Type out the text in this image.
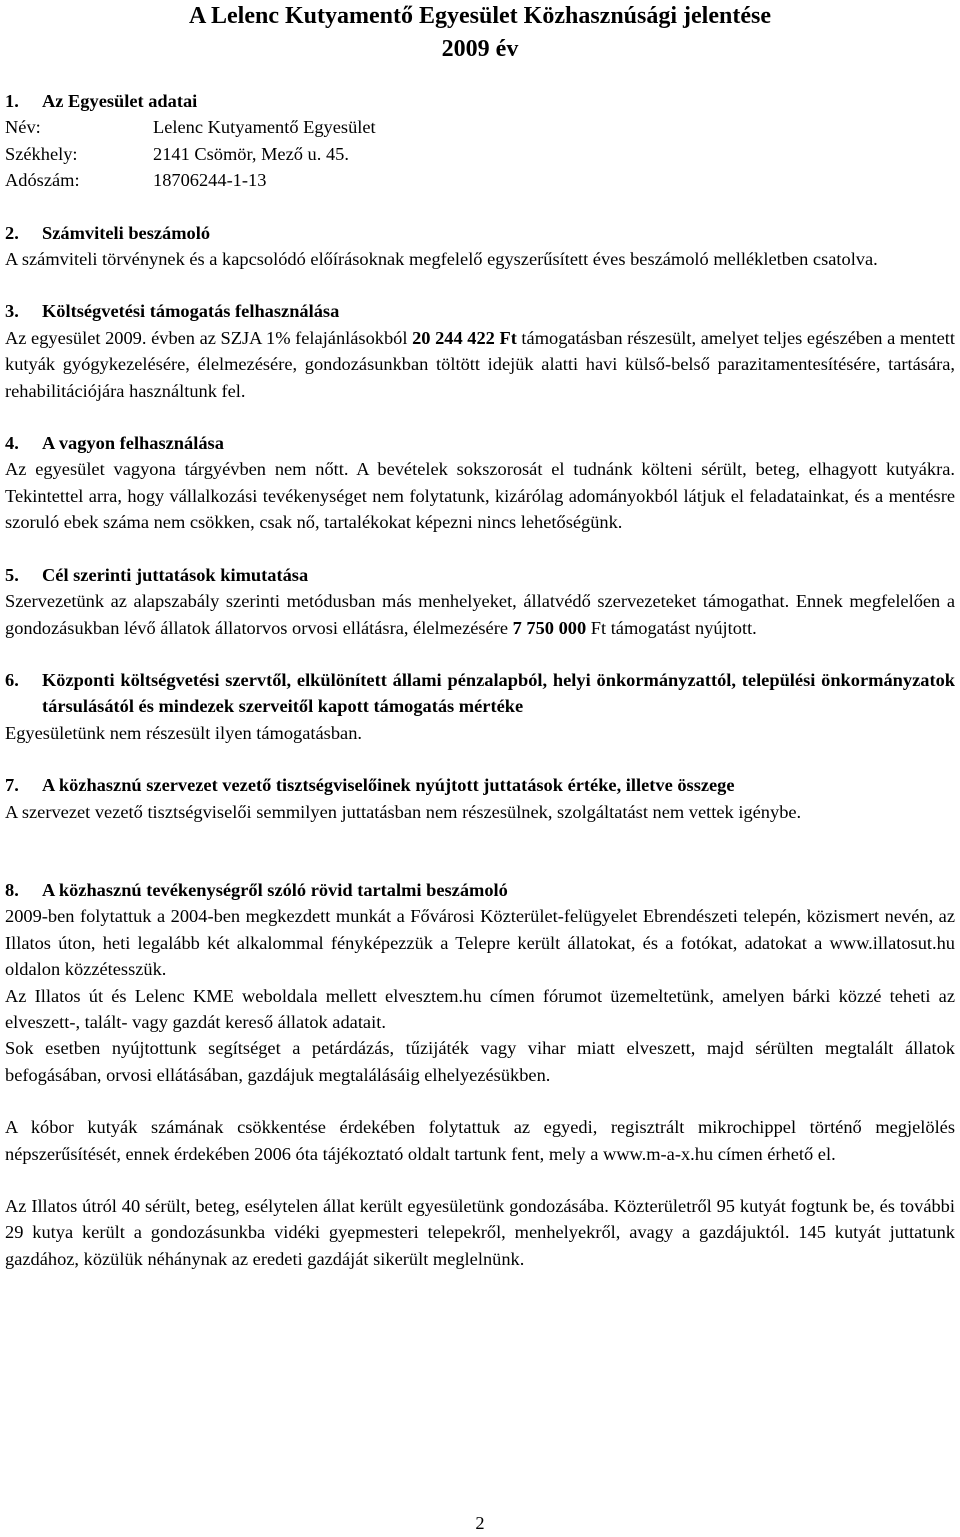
A Lelenc Kutyamentő Egyesület Közhasznúsági jelentése
2009 év
1.	Az Egyesület adatai
Név:	Lelenc Kutyamentő Egyesület
Székhely:	2141 Csömör, Mező u. 45.
Adószám:	18706244-1-13
2.	Számviteli beszámoló

A számviteli törvénynek és a kapcsolódó előírásoknak megfelelő egyszerűsített éves beszámoló mellékletben csatolva.

3.	Költségvetési támogatás felhasználása

Az egyesület 2009. évben az SZJA 1% felajánlásokból 20 244 422 Ft támogatásban részesült, amelyet teljes egészében a mentett kutyák gyógykezelésére, élelmezésére, gondozásunkban töltött idejük alatti havi külső-belső parazitamentesítésére, tartására, rehabilitációjára használtunk fel.

4.	A vagyon felhasználása

Az egyesület vagyona tárgyévben nem nőtt. A bevételek sokszorosát el tudnánk költeni sérült, beteg, elhagyott kutyákra. Tekintettel arra, hogy vállalkozási tevékenységet nem folytatunk, kizárólag adományokból látjuk el feladatainkat, és a mentésre szoruló ebek száma nem csökken, csak nő, tartalékokat képezni nincs lehetőségünk.

5.	Cél szerinti juttatások kimutatása

Szervezetünk az alapszabály szerinti metódusban más menhelyeket, állatvédő szervezeteket támogathat. Ennek megfelelően a gondozásukban lévő állatok állatorvos orvosi ellátásra, élelmezésére 7 750 000 Ft támogatást nyújtott.

6.	Központi költségvetési szervtől, elkülönített állami pénzalapból, helyi önkormányzattól, települési önkormányzatok társulásától és mindezek szerveitől kapott támogatás mértéke

Egyesületünk nem részesült ilyen támogatásban.

7.	A közhasznú szervezet vezető tisztségviselőinek nyújtott juttatások értéke, illetve összege

A szervezet vezető tisztségviselői semmilyen juttatásban nem részesülnek, szolgáltatást nem vettek igénybe.

8.	A közhasznú tevékenységről szóló rövid tartalmi beszámoló

2009-ben folytattuk a 2004-ben megkezdett munkát a Fővárosi Közterület-felügyelet Ebrendészeti telepén, közismert nevén, az Illatos úton, heti legalább két alkalommal fényképezzük a Telepre került állatokat, és a fotókat, adatokat a www.illatosut.hu oldalon közzétesszük.

Az Illatos út és Lelenc KME weboldala mellett elvesztem.hu címen fórumot üzemeltetünk, amelyen bárki közzé teheti az elveszett-, talált- vagy gazdát kereső állatok adatait.

Sok esetben nyújtottunk segítséget a petárdázás, tűzijáték vagy vihar miatt elveszett, majd sérülten megtalált állatok befogásában, orvosi ellátásában, gazdájuk megtalálásáig elhelyezésükben.

A kóbor kutyák számának csökkentése érdekében folytattuk az egyedi, regisztrált mikrochippel történő megjelölés népszerűsítését, ennek érdekében 2006 óta tájékoztató oldalt tartunk fent, mely a www.m-a-x.hu címen érhető el.

Az Illatos útról 40 sérült, beteg, esélytelen állat került egyesületünk gondozásába. Közterületről 95 kutyát fogtunk be, és további 29 kutya került a gondozásunkba vidéki gyepmesteri telepekről, menhelyekről, avagy a gazdájuktól. 145 kutyát juttatunk gazdához, közülük néhánynak az eredeti gazdáját sikerült meglelnünk.

2
